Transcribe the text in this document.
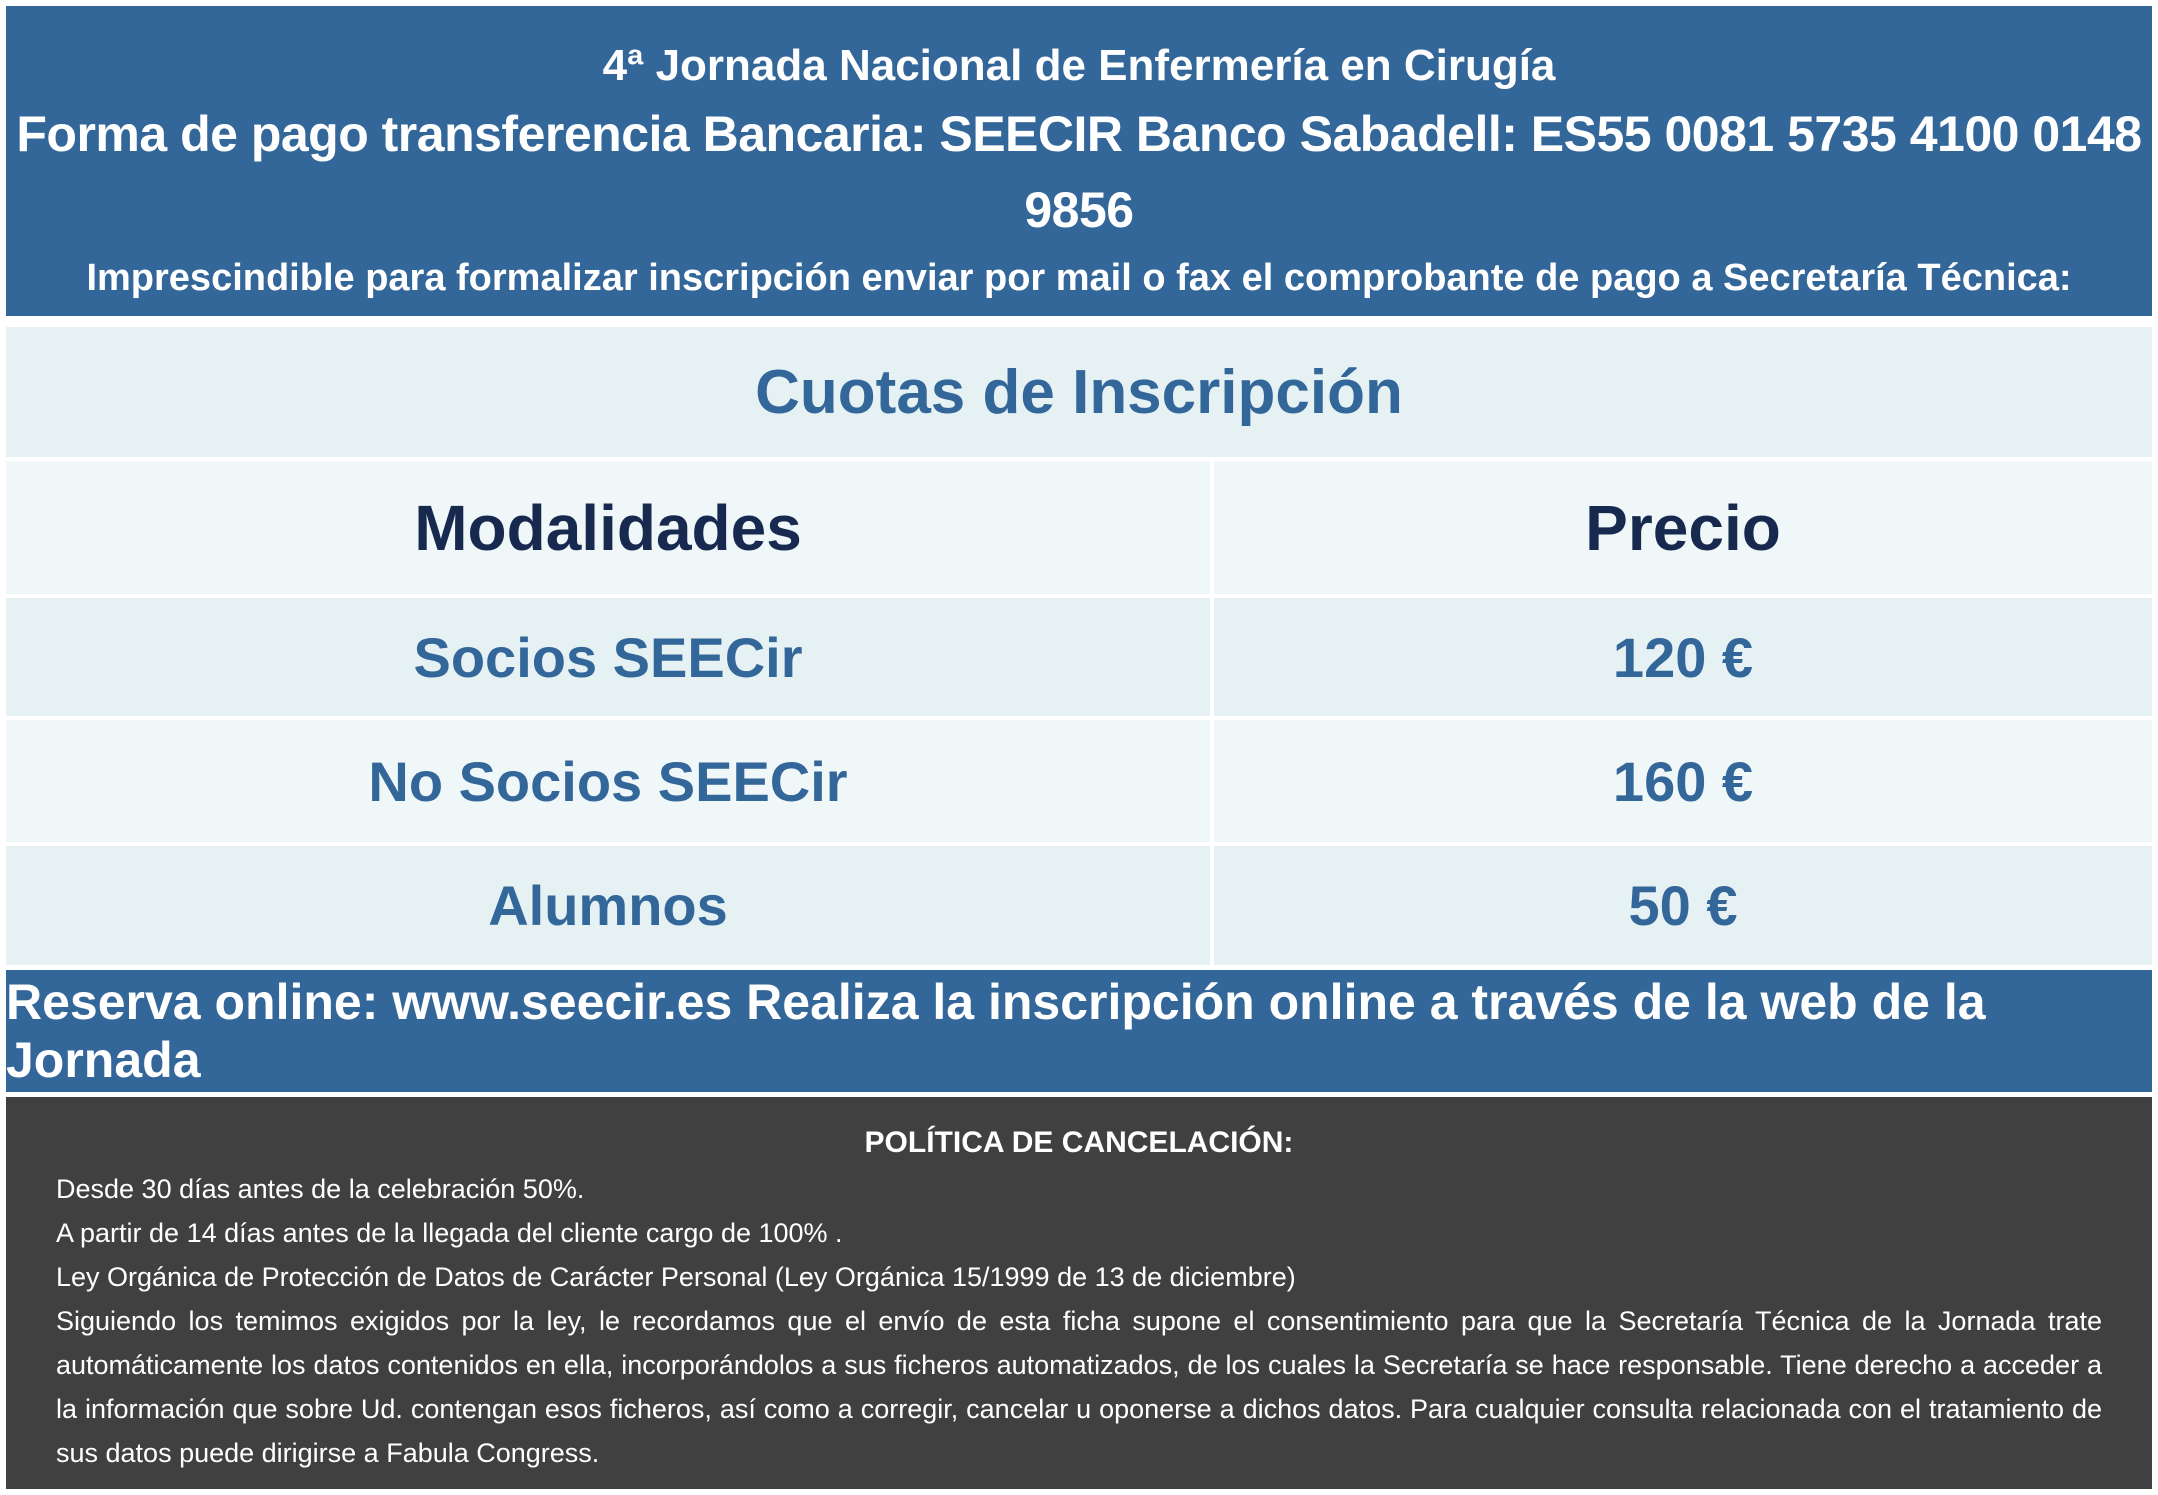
4ª Jornada Nacional de Enfermería en Cirugía
Forma de pago transferencia Bancaria: SEECIR Banco Sabadell: ES55 0081 5735 4100 0148 9856
Imprescindible para formalizar inscripción enviar por mail o fax el comprobante de pago a Secretaría Técnica:
Cuotas de Inscripción
Modalidades	Precio
Socios SEECir	120 €
No Socios SEECir	160 €
Alumnos	50 €
Reserva online: www.seecir.es Realiza la inscripción online a través de la web de la Jornada
POLÍTICA DE CANCELACIÓN:
Desde 30 días antes de la celebración 50%.
A partir de 14 días antes de la llegada del cliente cargo de 100% .
Ley Orgánica de Protección de Datos de Carácter Personal (Ley Orgánica 15/1999 de 13 de diciembre)
Siguiendo los temimos exigidos por la ley, le recordamos que el envío de esta ficha supone el consentimiento para que la Secretaría Técnica de la Jornada trate automáticamente los datos contenidos en ella, incorporándolos a sus ficheros automatizados, de los cuales la Secretaría se hace responsable. Tiene derecho a acceder a la información que sobre Ud. contengan esos ficheros, así como a corregir, cancelar u oponerse a dichos datos. Para cualquier consulta relacionada con el tratamiento de sus datos puede dirigirse a Fabula Congress.
